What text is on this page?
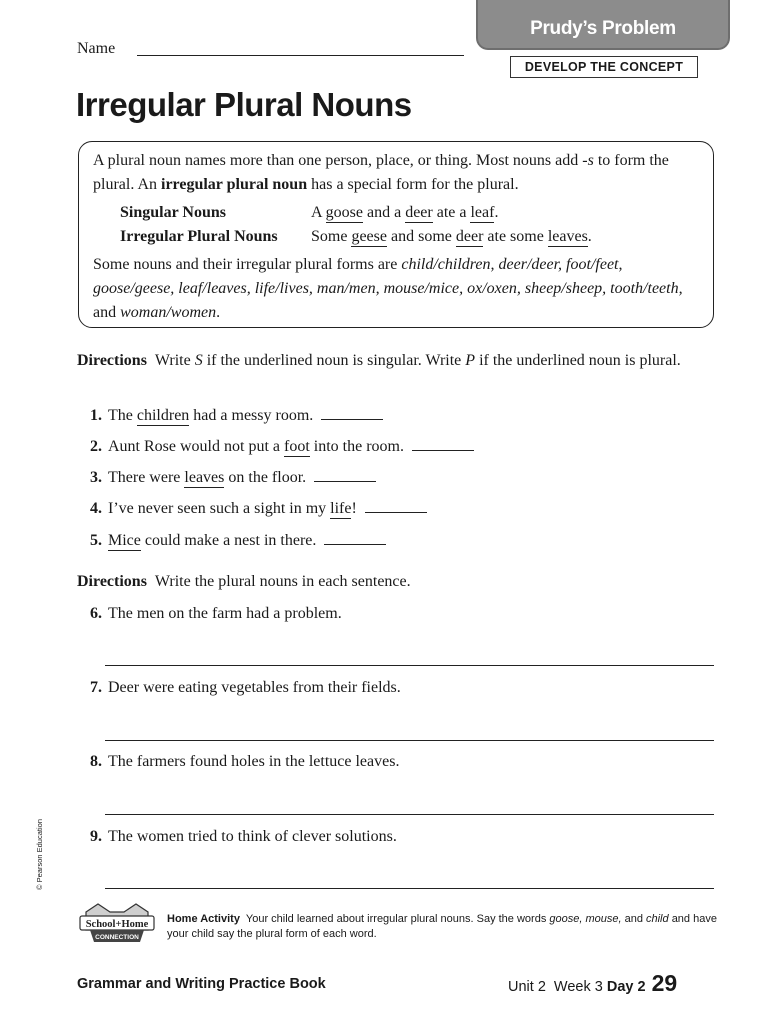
Name
Prudy’s Problem
DEVELOP THE CONCEPT
Irregular Plural Nouns
A plural noun names more than one person, place, or thing. Most nouns add -s to form the plural. An irregular plural noun has a special form for the plural.
Singular Nouns	A goose and a deer ate a leaf.
Irregular Plural Nouns Some geese and some deer ate some leaves.
Some nouns and their irregular plural forms are child/children, deer/deer, foot/feet, goose/geese, leaf/leaves, life/lives, man/men, mouse/mice, ox/oxen, sheep/sheep, tooth/teeth, and woman/women.
Directions Write S if the underlined noun is singular. Write P if the underlined noun is plural.
1. The children had a messy room.
2. Aunt Rose would not put a foot into the room.
3. There were leaves on the floor.
4. I’ve never seen such a sight in my life!
5. Mice could make a nest in there.
Directions Write the plural nouns in each sentence.
6. The men on the farm had a problem.
7. Deer were eating vegetables from their fields.
8. The farmers found holes in the lettuce leaves.
9. The women tried to think of clever solutions.
© Pearson Education
School+Home
CONNECTION
Home Activity Your child learned about irregular plural nouns. Say the words goose, mouse, and child and have your child say the plural form of each word.
Grammar and Writing Practice Book	Unit 2  Week 3 Day 2 29
